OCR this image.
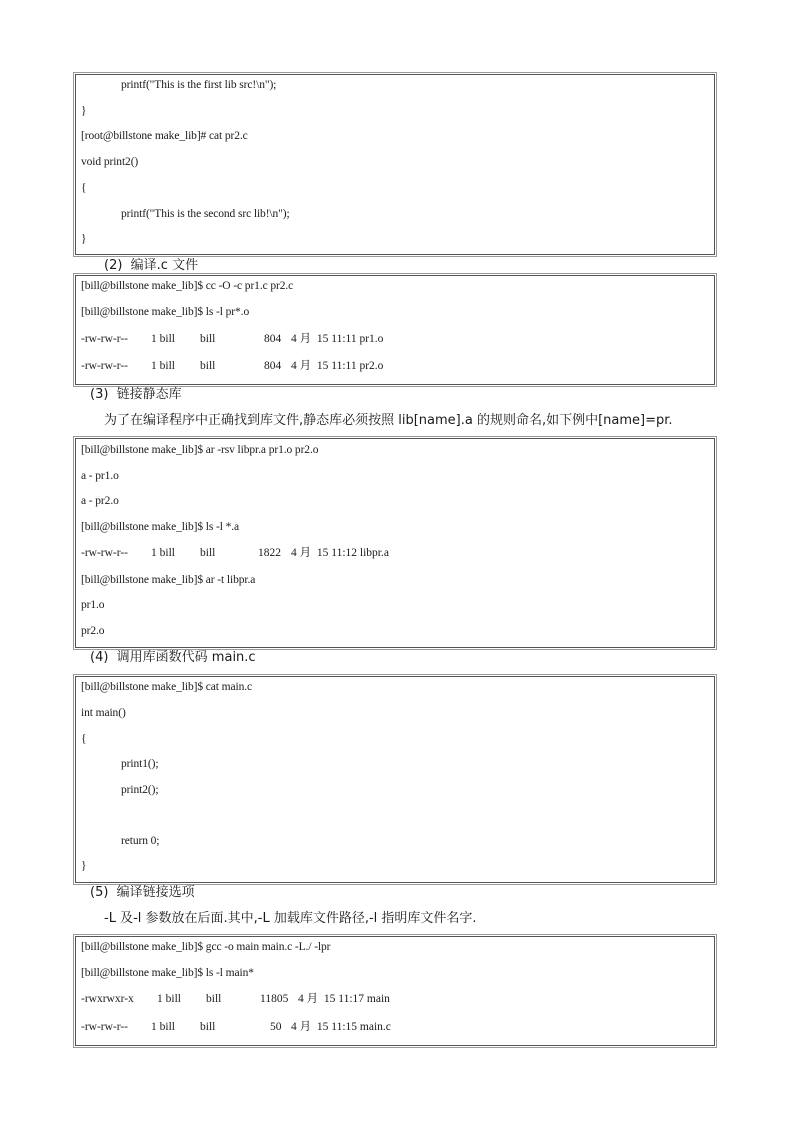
printf("This is the first lib src!\n");
}
[root@billstone make_lib]# cat pr2.c
void print2()
{
printf("This is the second src lib!\n");
}
(2)  编译.c 文件
[bill@billstone make_lib]$ cc -O -c pr1.c pr2.c
[bill@billstone make_lib]$ ls -l pr*.o
-rw-rw-r-- 1 bill bill	804 4 月  15 11:11 pr1.o
-rw-rw-r-- 1 bill bill	804 4 月  15 11:11 pr2.o
(3)  链接静态库
为了在编译程序中正确找到库文件,静态库必须按照 lib[name].a 的规则命名,如下例中[name]=pr.
[bill@billstone make_lib]$ ar -rsv libpr.a pr1.o pr2.o
a - pr1.o
a - pr2.o
[bill@billstone make_lib]$ ls -l *.a
-rw-rw-r-- 1 bill bill	1822 4 月  15 11:12 libpr.a
[bill@billstone make_lib]$ ar -t libpr.a
pr1.o
pr2.o
(4)  调用库函数代码 main.c
[bill@billstone make_lib]$ cat main.c
int main()
{
print1();
print2();
return 0;
}
(5)  编译链接选项
-L 及-l 参数放在后面.其中,-L 加载库文件路径,-l 指明库文件名字.
[bill@billstone make_lib]$ gcc -o main main.c -L./ -lpr
[bill@billstone make_lib]$ ls -l main*
-rwxrwxr-x 1 bill bill	11805 4 月  15 11:17 main
-rw-rw-r-- 1 bill bill	50 4 月  15 11:15 main.c
